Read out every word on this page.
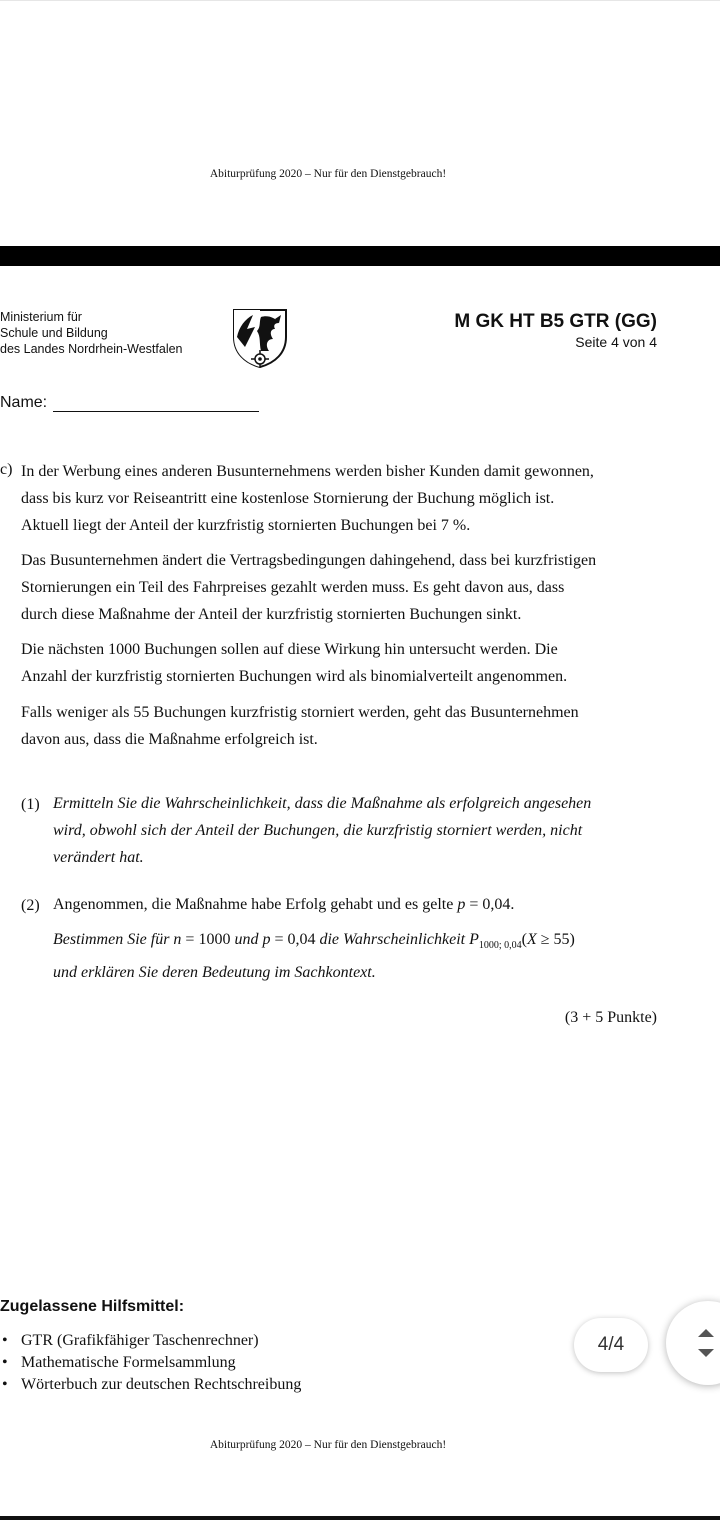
Abiturprüfung 2020 – Nur für den Dienstgebrauch!
Ministerium für
Schule und Bildung
des Landes Nordrhein-Westfalen
M GK HT B5 GTR (GG)
Seite 4 von 4
Name:
c) In der Werbung eines anderen Busunternehmens werden bisher Kunden damit gewonnen,
dass bis kurz vor Reiseantritt eine kostenlose Stornierung der Buchung möglich ist.
Aktuell liegt der Anteil der kurzfristig stornierten Buchungen bei 7 %.
Das Busunternehmen ändert die Vertragsbedingungen dahingehend, dass bei kurzfristigen
Stornierungen ein Teil des Fahrpreises gezahlt werden muss. Es geht davon aus, dass
durch diese Maßnahme der Anteil der kurzfristig stornierten Buchungen sinkt.
Die nächsten 1000 Buchungen sollen auf diese Wirkung hin untersucht werden. Die
Anzahl der kurzfristig stornierten Buchungen wird als binomialverteilt angenommen.
Falls weniger als 55 Buchungen kurzfristig storniert werden, geht das Busunternehmen
davon aus, dass die Maßnahme erfolgreich ist.
(1) Ermitteln Sie die Wahrscheinlichkeit, dass die Maßnahme als erfolgreich angesehen
wird, obwohl sich der Anteil der Buchungen, die kurzfristig storniert werden, nicht
verändert hat.
(2) Angenommen, die Maßnahme habe Erfolg gehabt und es gelte p = 0,04.
Bestimmen Sie für n = 1000 und p = 0,04 die Wahrscheinlichkeit $P_{1000; 0,04}(X \ge 55)$
und erklären Sie deren Bedeutung im Sachkontext.
(3 + 5 Punkte)
Zugelassene Hilfsmittel:
• GTR (Grafikfähiger Taschenrechner)
• Mathematische Formelsammlung
• Wörterbuch zur deutschen Rechtschreibung
4/4
Abiturprüfung 2020 – Nur für den Dienstgebrauch!
